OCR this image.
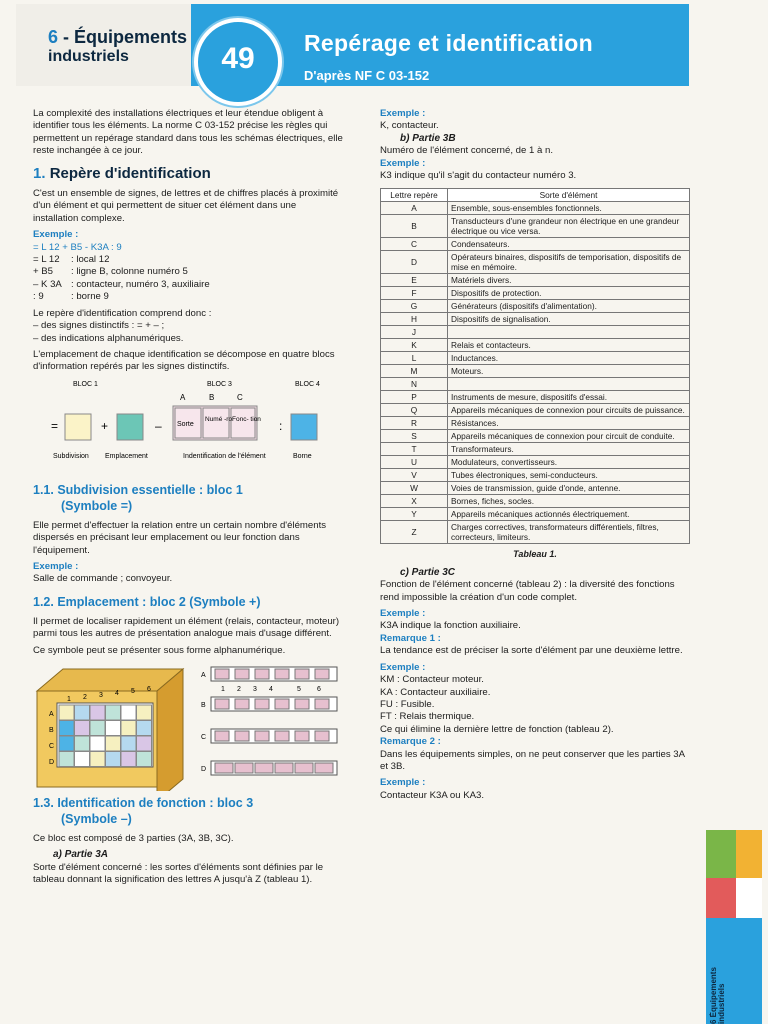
6 - Équipements
industriels	49	Repérage et identification
D'après NF C 03-152

La complexité des installations électriques et leur étendue obligent à identifier tous les éléments. La norme C 03-152 précise les règles qui permettent un repérage standard dans tous les schémas électriques, elle reste inchangée à ce jour.

1. Repère d'identification

C'est un ensemble de signes, de lettres et de chiffres placés à proximité d'un élément et qui permettent de situer cet élément dans une installation complexe.

Exemple :
= L 12 + B5 - K3A : 9
= L 12	: local 12
+ B5	: ligne B, colonne numéro 5
– K 3A : contacteur, numéro 3, auxiliaire
: 9	: borne 9
Le repère d'identification comprend donc :
– des signes distinctifs : = + – ;
– des indications alphanumériques.

L'emplacement de chaque identification se décompose en quatre blocs d'information repérés par les signes distinctifs.

BLOC 1	BLOC 3	BLOC 4
A	B	C
=	+	– Sorte
Numé -ro Fonc- tion :
Subdivision Emplacement	Indentification de l'élément	Borne
1.1. Subdivision essentielle : bloc 1
(Symbole =)

Elle permet d'effectuer la relation entre un certain nombre d'éléments dispersés en précisant leur emplacement ou leur fonction dans l'équipement.

Exemple :

Salle de commande ; convoyeur.

1.2. Emplacement : bloc 2 (Symbole +)

Il permet de localiser rapidement un élément (relais, contacteur, moteur) parmi tous les autres de présentation analogue mais d'usage différent.

Ce symbole peut se présenter sous forme alphanumérique.

1 2 3 4 5 6
A
B
C
D
A
B
C
D
1 2 3 4	5 6
1.3. Identification de fonction : bloc 3
(Symbole –)

Ce bloc est composé de 3 parties (3A, 3B, 3C).

a) Partie 3A

Sorte d'élément concerné : les sortes d'éléments sont définies par le tableau donnant la signification des lettres A jusqu'à Z (tableau 1).

Exemple :
K, contacteur.
b) Partie 3B
Numéro de l'élément concerné, de 1 à n.
Exemple :
K3 indique qu'il s'agit du contacteur numéro 3.
Lettre repère	Sorte d'élément
A	Ensemble, sous-ensembles fonctionnels.
B	Transducteurs d'une grandeur non électrique en une grandeur électrique ou vice versa.
C	Condensateurs.
D	Opérateurs binaires, dispositifs de temporisation, dispositifs de mise en mémoire.
E	Matériels divers.
F	Dispositifs de protection.
G	Générateurs (dispositifs d'alimentation).
H	Dispositifs de signalisation.
J	
K	Relais et contacteurs.
L	Inductances.
M	Moteurs.
N	
P	Instruments de mesure, dispositifs d'essai.
Q	Appareils mécaniques de connexion pour circuits de puissance.
R	Résistances.
S	Appareils mécaniques de connexion pour circuit de conduite.
T	Transformateurs.
U	Modulateurs, convertisseurs.
V	Tubes électroniques, semi-conducteurs.
W	Voies de transmission, guide d'onde, antenne.
X	Bornes, fiches, socles.
Y	Appareils mécaniques actionnés électriquement.
Z	Charges correctives, transformateurs différentiels, filtres, correcteurs, limiteurs.
Tableau 1.
c) Partie 3C

Fonction de l'élément concerné (tableau 2) : la diversité des fonctions rend impossible la création d'un code complet.

Exemple :
K3A indique la fonction auxiliaire.
Remarque 1 :

La tendance est de préciser la sorte d'élément par une deuxième lettre.

Exemple :
KM : Contacteur moteur.
KA : Contacteur auxiliaire.
FU : Fusible.
FT : Relais thermique.
Ce qui élimine la dernière lettre de fonction (tableau 2).
Remarque 2 :

Dans les équipements simples, on ne peut conserver que les parties 3A et 3B.

Exemple :
Contacteur K3A ou KA3.
6 Équipements industriels
